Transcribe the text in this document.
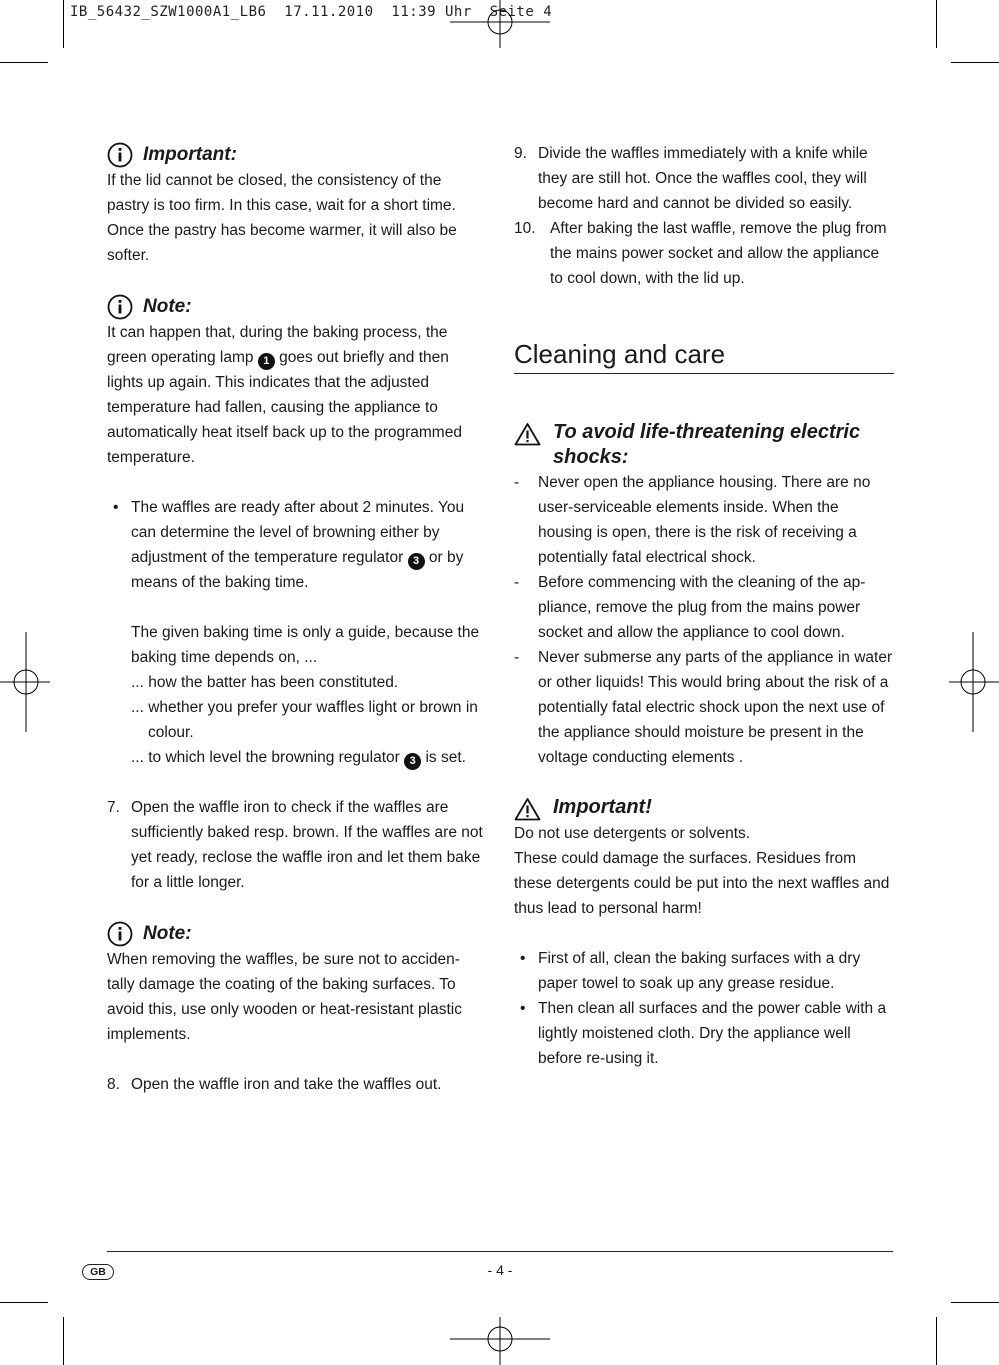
IB_56432_SZW1000A1_LB6  17.11.2010  11:39 Uhr  Seite 4
Important:

If the lid cannot be closed, the consistency of the pastry is too firm. In this case, wait for a short time. Once the pastry has become warmer, it will also be softer.

Note:

It can happen that, during the baking process, the green operating lamp 1 goes out briefly and then lights up again. This indicates that the adjusted temperature had fallen, causing the appliance to automatically heat itself back up to the programmed temperature.

• The waffles are ready after about 2 minutes. You can determine the level of browning either by adjustment of the temperature regulator 3 or by means of the baking time.

The given baking time is only a guide, because the baking time depends on, ...

... how the batter has been constituted.

... whether you prefer your waffles light or brown in colour.

... to which level the browning regulator 3 is set.

7. Open the waffle iron to check if the waffles are sufficiently baked resp. brown. If the waffles are not yet ready, reclose the waffle iron and let them bake for a little longer.

Note:

When removing the waffles, be sure not to acciden-tally damage the coating of the baking surfaces. To avoid this, use only wooden or heat-resistant plastic implements.

8. Open the waffle iron and take the waffles out.

9. Divide the waffles immediately with a knife while they are still hot. Once the waffles cool, they will become hard and cannot be divided so easily.

10. After baking the last waffle, remove the plug from the mains power socket and allow the appliance to cool down, with the lid up.

Cleaning and care
To avoid life-threatening electric shocks:
-	Never open the appliance housing. There are no user-serviceable elements inside. When the housing is open, there is the risk of receiving a potentially fatal electrical shock.

-	Before commencing with the cleaning of the ap-pliance, remove the plug from the mains power socket and allow the appliance to cool down.

-	Never submerse any parts of the appliance in water or other liquids! This would bring about the risk of a potentially fatal electric shock upon the next use of the appliance should moisture be present in the voltage conducting elements .

Important!

Do not use detergents or solvents.

These could damage the surfaces. Residues from these detergents could be put into the next waffles and thus lead to personal harm!

• First of all, clean the baking surfaces with a dry paper towel to soak up any grease residue.

• Then clean all surfaces and the power cable with a lightly moistened cloth. Dry the appliance well before re-using it.

GB	- 4 -
